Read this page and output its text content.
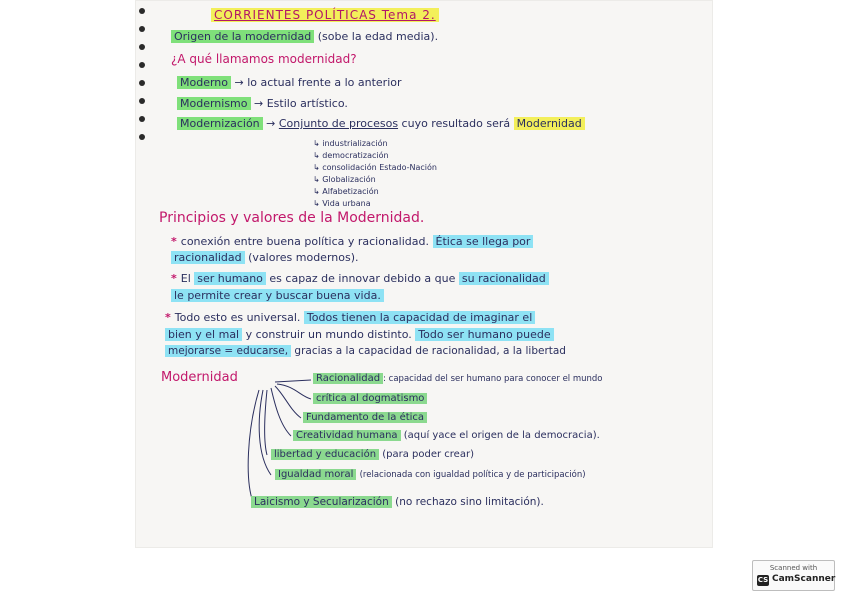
CORRIENTES POLÍTICAS Tema 2.
Origen de la modernidad (sobe la edad media).
¿A qué llamamos modernidad?
Moderno → lo actual frente a lo anterior
Modernismo → Estilo artístico.
Modernización → Conjunto de procesos cuyo resultado será Modernidad
↳ industrialización
↳ democratización
↳ consolidación Estado-Nación
↳ Globalización
↳ Alfabetización
↳ Vida urbana
Principios y valores de la Modernidad.
* conexión entre buena política y racionalidad. Ética se llega por
racionalidad (valores modernos).
* El ser humano es capaz de innovar debido a que su racionalidad
le permite crear y buscar buena vida.
* Todo esto es universal. Todos tienen la capacidad de imaginar el
bien y el mal y construir un mundo distinto. Todo ser humano puede
mejorarse = educarse, gracias a la capacidad de racionalidad, a la libertad
Modernidad	Racionalidad : capacidad del ser humano para conocer el mundo
crítica al dogmatismo
Fundamento de la ética
Creatividad humana (aquí yace el origen de la democracia).
libertad y educación (para poder crear)
Igualdad moral (relacionada con igualdad política y de participación)
Laicismo y Secularización (no rechazo sino limitación).
Scanned with
CS CamScanner
